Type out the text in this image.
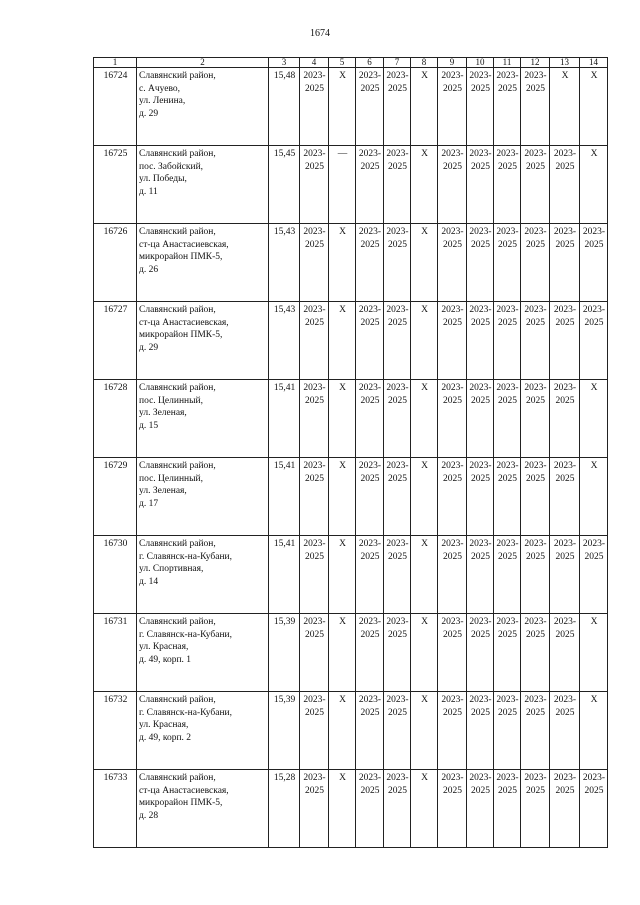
1674
1	2	3	4	5	6	7	8	9	10	11	12	13	14
16724	Славянский район,
с. Ачуево,
ул. Ленина,
д. 29	15,48	2023-
2025	Х	2023-
2025	2023-
2025	Х	2023-
2025	2023-
2025	2023-
2025	2023-
2025	Х	Х

16725	Славянский район,
пос. Забойский,
ул. Победы,
д. 11	15,45	2023-
2025	—	2023-
2025	2023-
2025	Х	2023-
2025	2023-
2025	2023-
2025	2023-
2025	2023-
2025	Х

16726	Славянский район,
ст-ца Анастасиевская,
микрорайон ПМК-5,
д. 26	15,43	2023-
2025	Х	2023-
2025	2023-
2025	Х	2023-
2025	2023-
2025	2023-
2025	2023-
2025	2023-
2025	2023-
2025

16727	Славянский район,
ст-ца Анастасиевская,
микрорайон ПМК-5,
д. 29	15,43	2023-
2025	Х	2023-
2025	2023-
2025	Х	2023-
2025	2023-
2025	2023-
2025	2023-
2025	2023-
2025	2023-
2025

16728	Славянский район,
пос. Целинный,
ул. Зеленая,
д. 15	15,41	2023-
2025	Х	2023-
2025	2023-
2025	Х	2023-
2025	2023-
2025	2023-
2025	2023-
2025	2023-
2025	Х

16729	Славянский район,
пос. Целинный,
ул. Зеленая,
д. 17	15,41	2023-
2025	Х	2023-
2025	2023-
2025	Х	2023-
2025	2023-
2025	2023-
2025	2023-
2025	2023-
2025	Х

16730	Славянский район,
г. Славянск-на-Кубани,
ул. Спортивная,
д. 14	15,41	2023-
2025	Х	2023-
2025	2023-
2025	Х	2023-
2025	2023-
2025	2023-
2025	2023-
2025	2023-
2025	2023-
2025

16731	Славянский район,
г. Славянск-на-Кубани,
ул. Красная,
д. 49, корп. 1	15,39	2023-
2025	Х	2023-
2025	2023-
2025	Х	2023-
2025	2023-
2025	2023-
2025	2023-
2025	2023-
2025	Х

16732	Славянский район,
г. Славянск-на-Кубани,
ул. Красная,
д. 49, корп. 2	15,39	2023-
2025	Х	2023-
2025	2023-
2025	Х	2023-
2025	2023-
2025	2023-
2025	2023-
2025	2023-
2025	Х

16733	Славянский район,
ст-ца Анастасиевская,
микрорайон ПМК-5,
д. 28	15,28	2023-
2025	Х	2023-
2025	2023-
2025	Х	2023-
2025	2023-
2025	2023-
2025	2023-
2025	2023-
2025	2023-
2025
